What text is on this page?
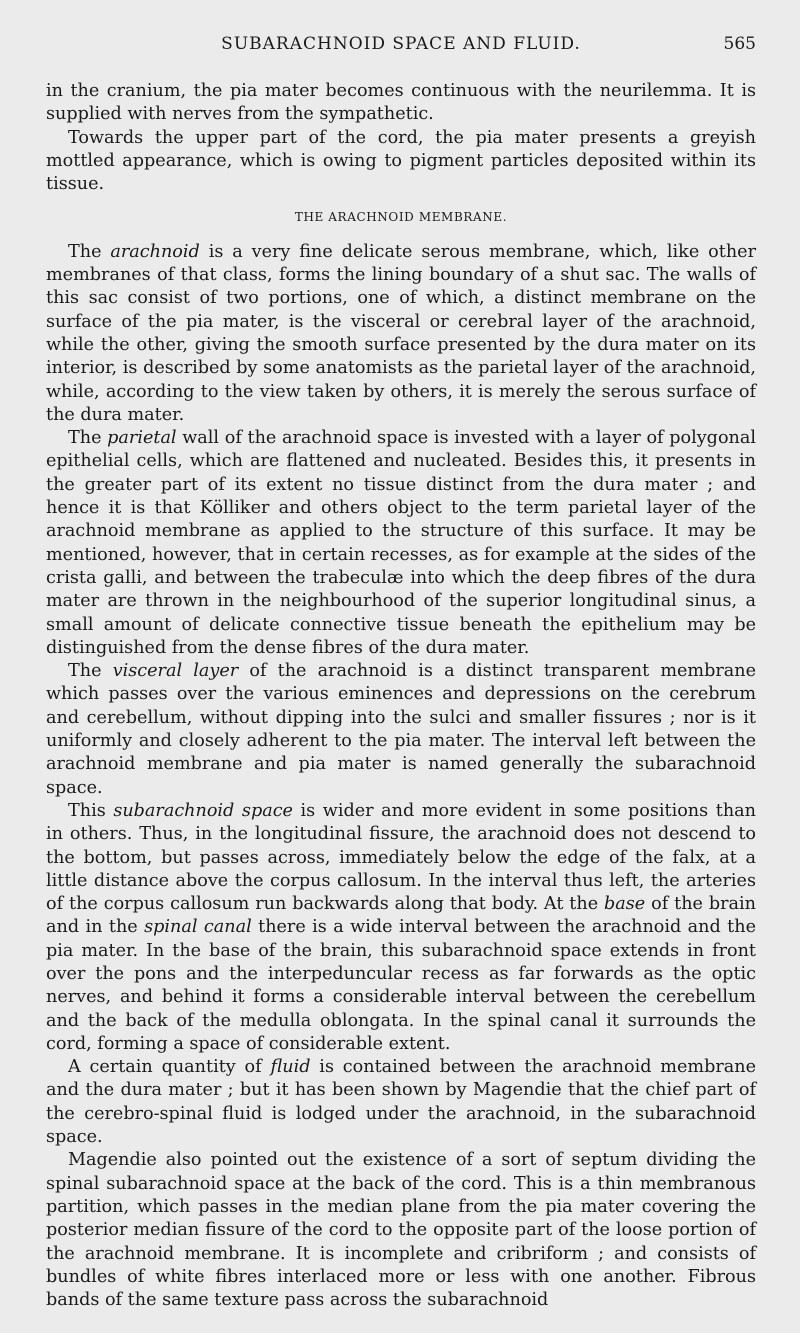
SUBARACHNOID SPACE AND FLUID.	565

in the cranium, the pia mater becomes continuous with the neurilemma. It is supplied with nerves from the sympathetic.

Towards the upper part of the cord, the pia mater presents a greyish mottled appearance, which is owing to pigment particles deposited within its tissue.

THE ARACHNOID MEMBRANE.

The arachnoid is a very fine delicate serous membrane, which, like other membranes of that class, forms the lining boundary of a shut sac. The walls of this sac consist of two portions, one of which, a distinct membrane on the surface of the pia mater, is the visceral or cerebral layer of the arachnoid, while the other, giving the smooth surface presented by the dura mater on its interior, is described by some anatomists as the parietal layer of the arachnoid, while, according to the view taken by others, it is merely the serous surface of the dura mater.

The parietal wall of the arachnoid space is invested with a layer of polygonal epithelial cells, which are flattened and nucleated. Besides this, it presents in the greater part of its extent no tissue distinct from the dura mater ; and hence it is that Kölliker and others object to the term parietal layer of the arachnoid membrane as applied to the structure of this surface. It may be mentioned, however, that in certain recesses, as for example at the sides of the crista galli, and between the trabeculæ into which the deep fibres of the dura mater are thrown in the neighbourhood of the superior longitudinal sinus, a small amount of delicate connective tissue beneath the epithelium may be distinguished from the dense fibres of the dura mater.

The visceral layer of the arachnoid is a distinct transparent membrane which passes over the various eminences and depressions on the cerebrum and cerebellum, without dipping into the sulci and smaller fissures ; nor is it uniformly and closely adherent to the pia mater. The interval left between the arachnoid membrane and pia mater is named generally the subarachnoid space.

This subarachnoid space is wider and more evident in some positions than in others. Thus, in the longitudinal fissure, the arachnoid does not descend to the bottom, but passes across, immediately below the edge of the falx, at a little distance above the corpus callosum. In the interval thus left, the arteries of the corpus callosum run backwards along that body. At the base of the brain and in the spinal canal there is a wide interval between the arachnoid and the pia mater. In the base of the brain, this subarachnoid space extends in front over the pons and the interpeduncular recess as far forwards as the optic nerves, and behind it forms a considerable interval between the cerebellum and the back of the medulla oblongata. In the spinal canal it surrounds the cord, forming a space of considerable extent.

A certain quantity of fluid is contained between the arachnoid membrane and the dura mater ; but it has been shown by Magendie that the chief part of the cerebro-spinal fluid is lodged under the arachnoid, in the subarachnoid space.

Magendie also pointed out the existence of a sort of septum dividing the spinal subarachnoid space at the back of the cord. This is a thin membranous partition, which passes in the median plane from the pia mater covering the posterior median fissure of the cord to the opposite part of the loose portion of the arachnoid membrane. It is incomplete and cribriform ; and consists of bundles of white fibres interlaced more or less with one another. Fibrous bands of the same texture pass across the subarachnoid
